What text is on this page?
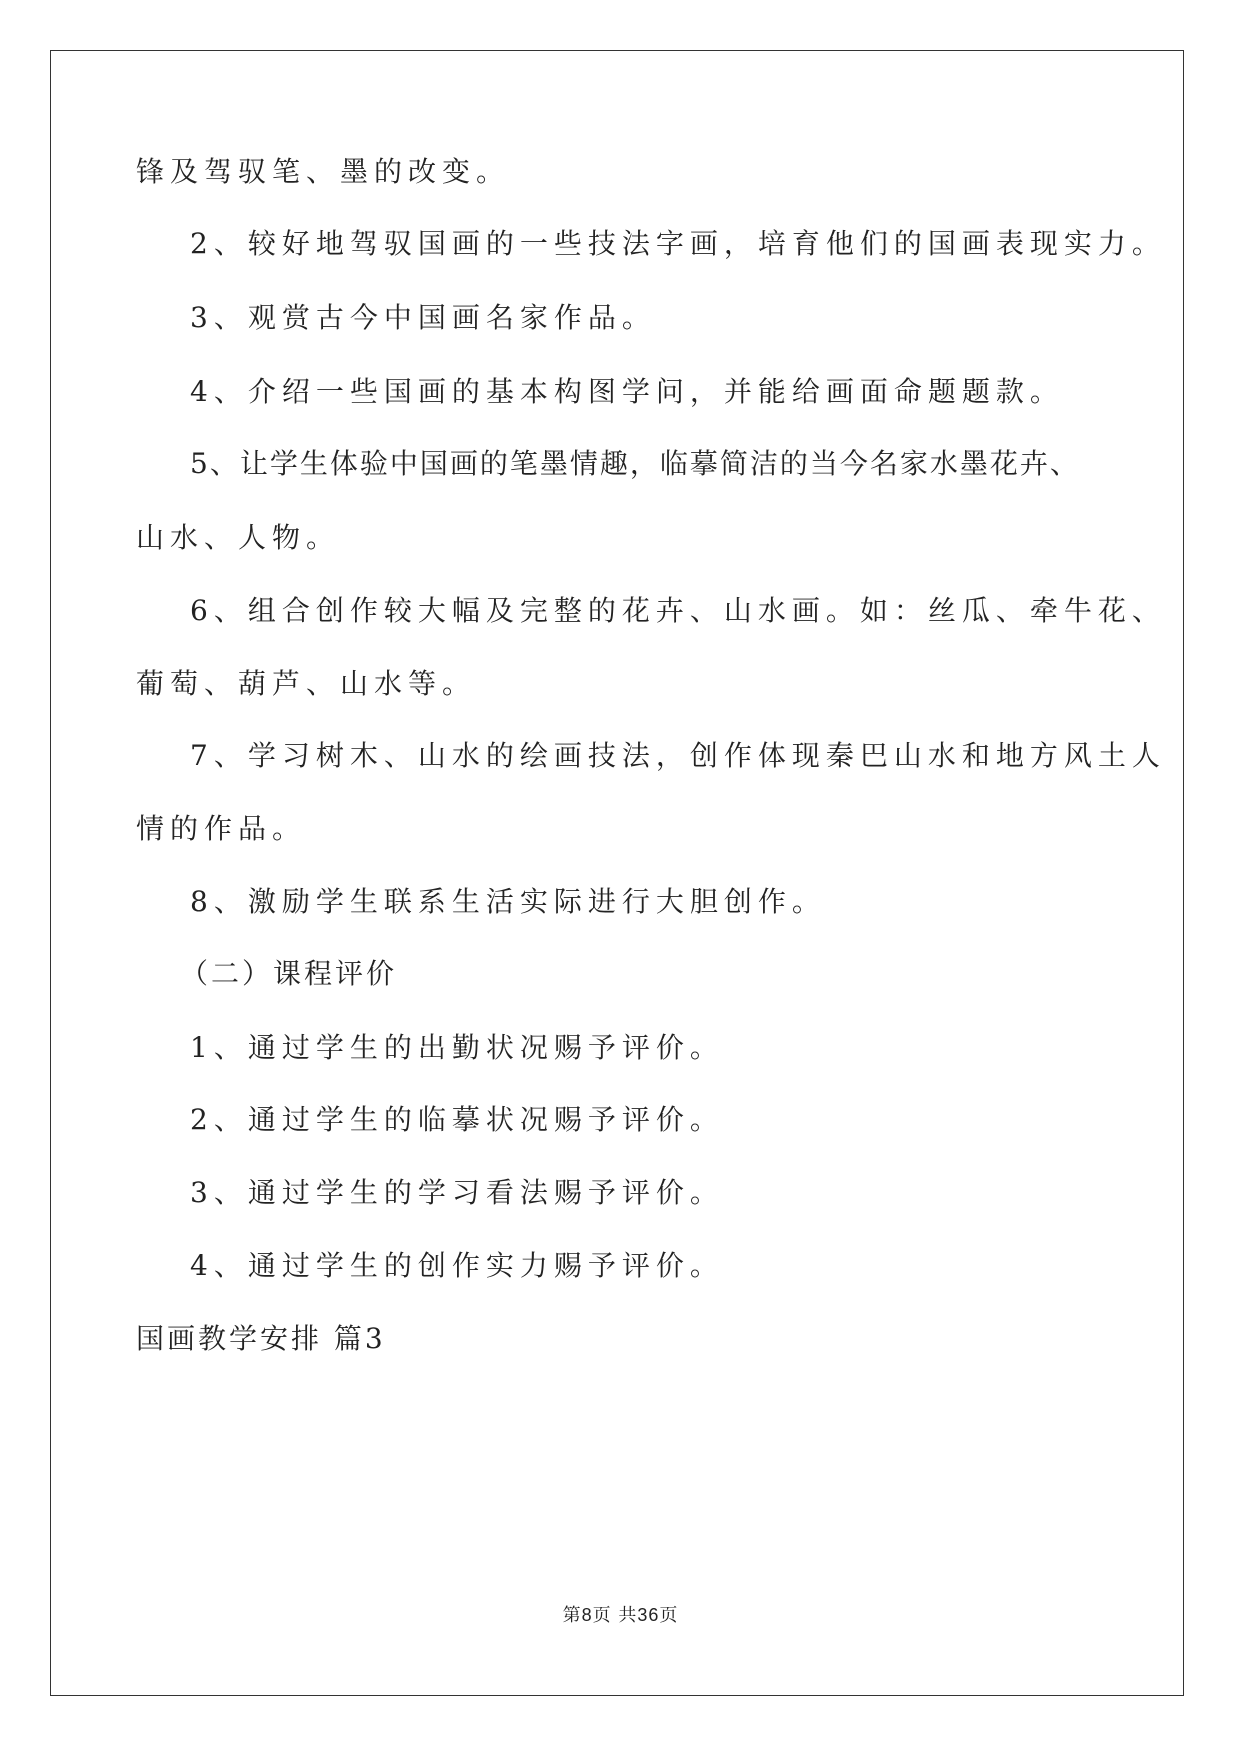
锋及驾驭笔、墨的改变。
2、较好地驾驭国画的一些技法字画，培育他们的国画表现实力。
3、观赏古今中国画名家作品。
4、介绍一些国画的基本构图学问，并能给画面命题题款。
5、让学生体验中国画的笔墨情趣，临摹简洁的当今名家水墨花卉、
山水、人物。
6、组合创作较大幅及完整的花卉、山水画。如：丝瓜、牵牛花、
葡萄、葫芦、山水等。
7、学习树木、山水的绘画技法，创作体现秦巴山水和地方风土人
情的作品。
8、激励学生联系生活实际进行大胆创作。
（二）课程评价
1、通过学生的出勤状况赐予评价。
2、通过学生的临摹状况赐予评价。
3、通过学生的学习看法赐予评价。
4、通过学生的创作实力赐予评价。
国画教学安排 篇3
第8页 共36页
